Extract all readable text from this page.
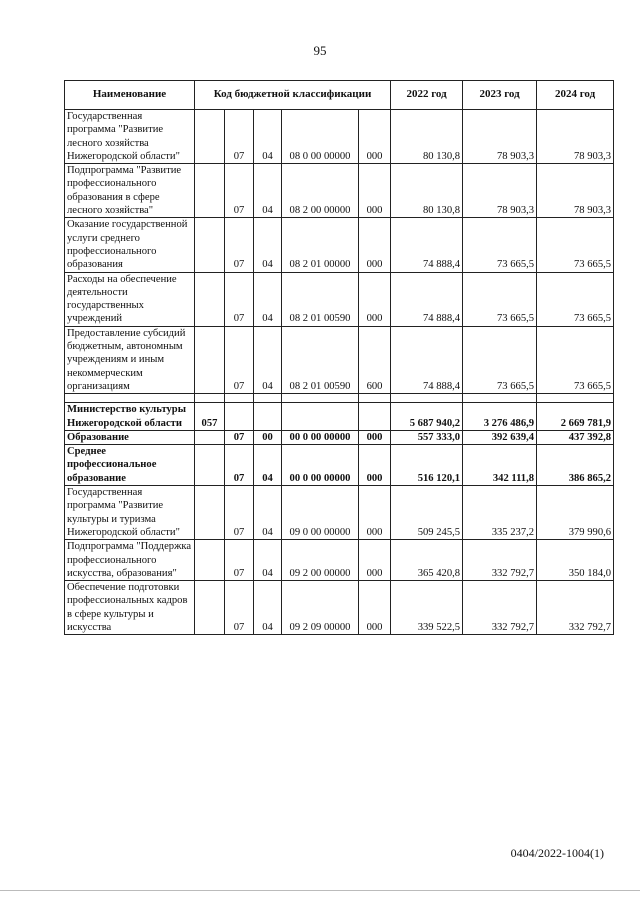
95
Наименование	Код бюджетной классификации					2022 год	2023 год	2024 год
Государственная программа "Развитие лесного хозяйства Нижегородской области"		07	04	08 0 00 00000	000	80 130,8	78 903,3	78 903,3
Подпрограмма "Развитие профессионального образования в сфере лесного хозяйства"		07	04	08 2 00 00000	000	80 130,8	78 903,3	78 903,3
Оказание государственной услуги среднего профессионального образования		07	04	08 2 01 00000	000	74 888,4	73 665,5	73 665,5
Расходы на обеспечение деятельности государственных учреждений		07	04	08 2 01 00590	000	74 888,4	73 665,5	73 665,5
Предоставление субсидий бюджетным, автономным учреждениям и иным некоммерческим организациям		07	04	08 2 01 00590	600	74 888,4	73 665,5	73 665,5

Министерство культуры Нижегородской области	057					5 687 940,2	3 276 486,9	2 669 781,9
Образование		07	00	00 0 00 00000	000	557 333,0	392 639,4	437 392,8
Среднее профессиональное образование		07	04	00 0 00 00000	000	516 120,1	342 111,8	386 865,2
Государственная программа "Развитие культуры и туризма Нижегородской области"		07	04	09 0 00 00000	000	509 245,5	335 237,2	379 990,6
Подпрограмма "Поддержка профессионального искусства, образования"		07	04	09 2 00 00000	000	365 420,8	332 792,7	350 184,0
Обеспечение подготовки профессиональных кадров в сфере культуры и искусства		07	04	09 2 09 00000	000	339 522,5	332 792,7	332 792,7
0404/2022-1004(1)
